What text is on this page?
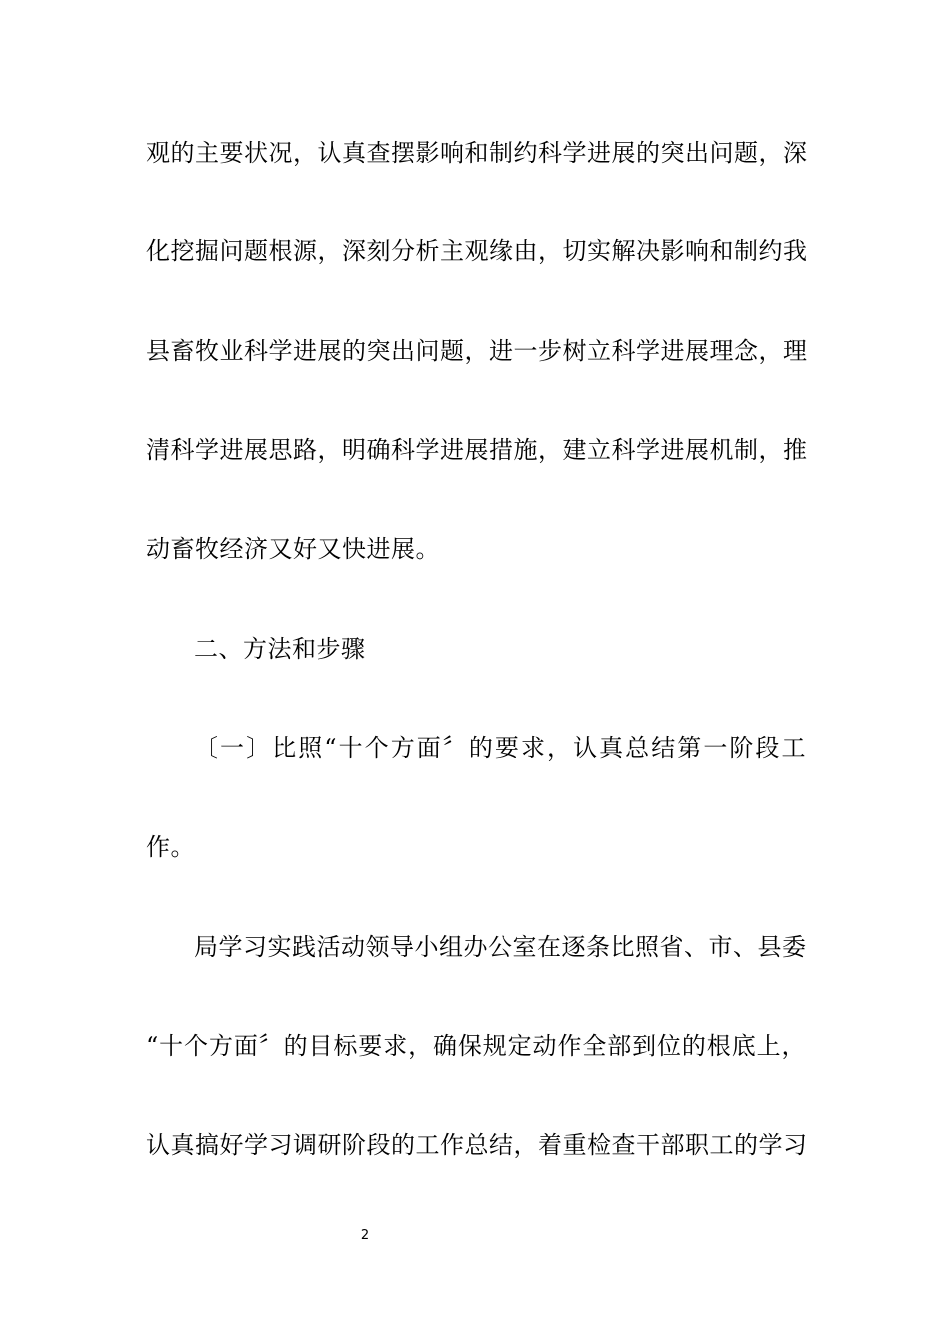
观的主要状况，认真查摆影响和制约科学进展的突出问题，深
化挖掘问题根源，深刻分析主观缘由，切实解决影响和制约我
县畜牧业科学进展的突出问题，进一步树立科学进展理念，理
清科学进展思路，明确科学进展措施，建立科学进展机制，推
动畜牧经济又好又快进展。
二、方法和步骤
〔一〕比照“十个方面〞的要求，认真总结第一阶段工
作。
局学习实践活动领导小组办公室在逐条比照省、市、县委
“十个方面〞的目标要求，确保规定动作全部到位的根底上，
认真搞好学习调研阶段的工作总结，着重检查干部职工的学习
2
